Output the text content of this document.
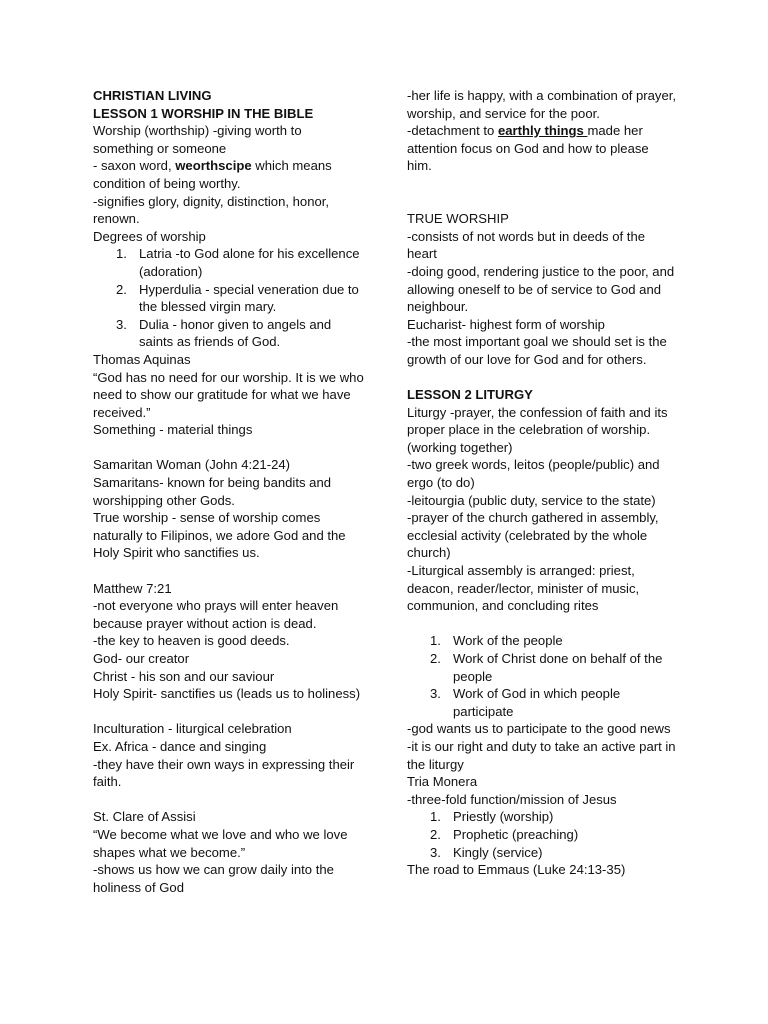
CHRISTIAN LIVING
LESSON 1 WORSHIP IN THE BIBLE
Worship (worthship) -giving worth to something or someone
- saxon word, weorthscipe which means condition of being worthy.
-signifies glory, dignity, distinction, honor, renown.
Degrees of worship
1. Latria -to God alone for his excellence (adoration)
2. Hyperdulia - special veneration due to the blessed virgin mary.
3. Dulia - honor given to angels and saints as friends of God.
Thomas Aquinas
“God has no need for our worship. It is we who need to show our gratitude for what we have received.”
Something - material things
Samaritan Woman (John 4:21-24)
Samaritans- known for being bandits and worshipping other Gods.
True worship - sense of worship comes naturally to Filipinos, we adore God and the Holy Spirit who sanctifies us.
Matthew 7:21
-not everyone who prays will enter heaven because prayer without action is dead.
-the key to heaven is good deeds.
God- our creator
Christ - his son and our saviour
Holy Spirit- sanctifies us (leads us to holiness)
Inculturation - liturgical celebration
Ex. Africa - dance and singing
-they have their own ways in expressing their faith.
St. Clare of Assisi
“We become what we love and who we love shapes what we become.”
-shows us how we can grow daily into the holiness of God
-her life is happy, with a combination of prayer, worship, and service for the poor.
-detachment to earthly things made her attention focus on God and how to please him.
TRUE WORSHIP
-consists of not words but in deeds of the heart
-doing good, rendering justice to the poor, and allowing oneself to be of service to God and neighbour.
Eucharist- highest form of worship
-the most important goal we should set is the growth of our love for God and for others.
LESSON 2 LITURGY
Liturgy -prayer, the confession of faith and its proper place in the celebration of worship. (working together)
-two greek words, leitos (people/public) and ergo (to do)
-leitourgia (public duty, service to the state)
-prayer of the church gathered in assembly, ecclesial activity (celebrated by the whole church)
-Liturgical assembly is arranged: priest, deacon, reader/lector, minister of music, communion, and concluding rites
1. Work of the people
2. Work of Christ done on behalf of the people
3. Work of God in which people participate
-god wants us to participate to the good news
-it is our right and duty to take an active part in the liturgy
Tria Monera
-three-fold function/mission of Jesus
1. Priestly (worship)
2. Prophetic (preaching)
3. Kingly (service)
The road to Emmaus (Luke 24:13-35)
